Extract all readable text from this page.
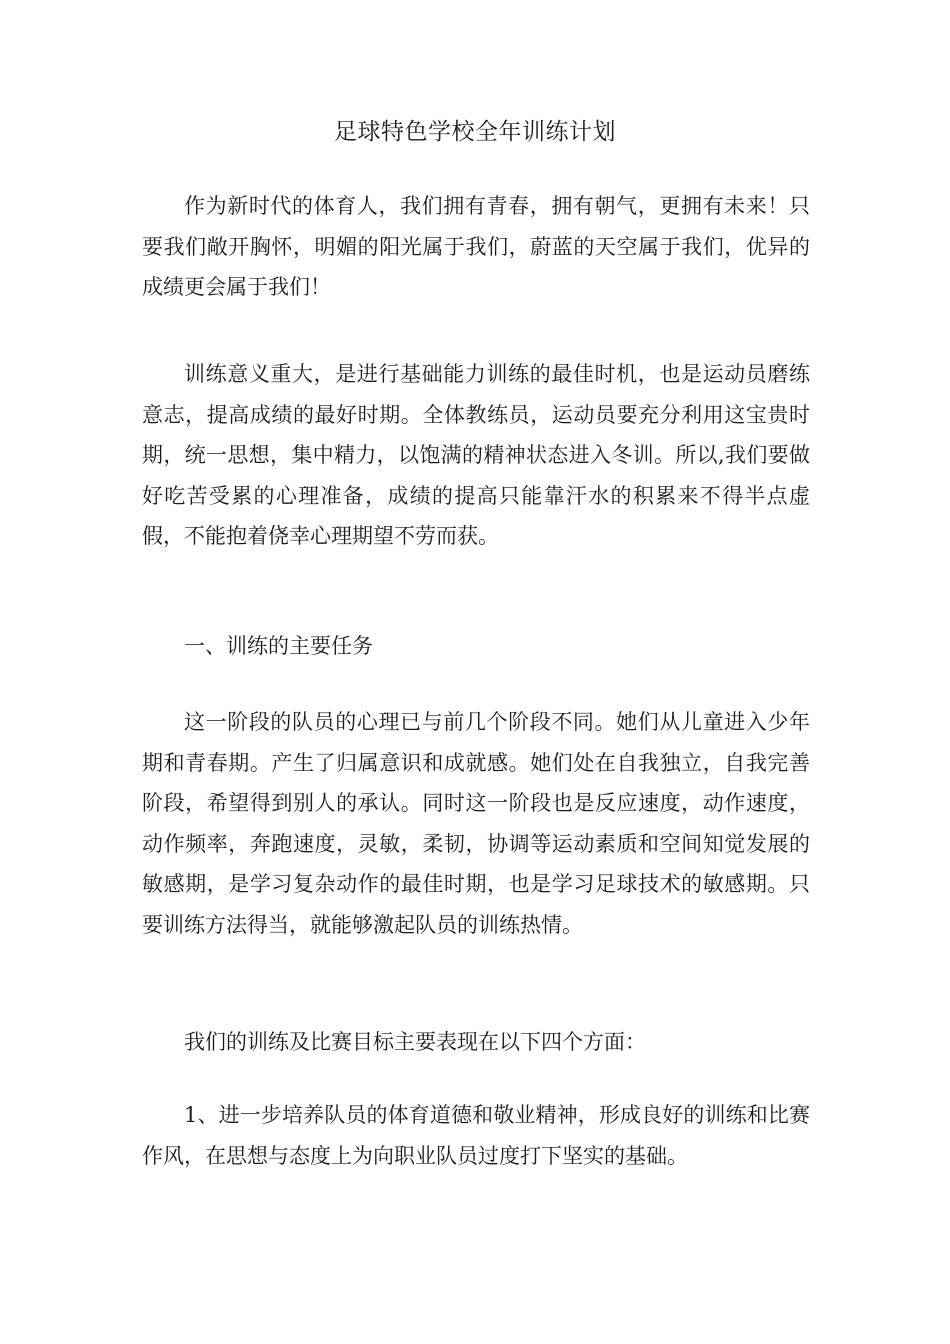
足球特色学校全年训练计划

作为新时代的体育人，我们拥有青春，拥有朝气，更拥有未来！只要我们敞开胸怀，明媚的阳光属于我们，蔚蓝的天空属于我们，优异的成绩更会属于我们！

训练意义重大，是进行基础能力训练的最佳时机，也是运动员磨练意志，提高成绩的最好时期。全体教练员，运动员要充分利用这宝贵时期，统一思想，集中精力，以饱满的精神状态进入冬训。所以,我们要做好吃苦受累的心理准备，成绩的提高只能靠汗水的积累来不得半点虚假，不能抱着侥幸心理期望不劳而获。

一、训练的主要任务

这一阶段的队员的心理已与前几个阶段不同。她们从儿童进入少年期和青春期。产生了归属意识和成就感。她们处在自我独立，自我完善阶段，希望得到别人的承认。同时这一阶段也是反应速度，动作速度，动作频率，奔跑速度，灵敏，柔韧，协调等运动素质和空间知觉发展的敏感期，是学习复杂动作的最佳时期，也是学习足球技术的敏感期。只要训练方法得当，就能够激起队员的训练热情。

我们的训练及比赛目标主要表现在以下四个方面：

1、进一步培养队员的体育道德和敬业精神，形成良好的训练和比赛作风，在思想与态度上为向职业队员过度打下坚实的基础。
